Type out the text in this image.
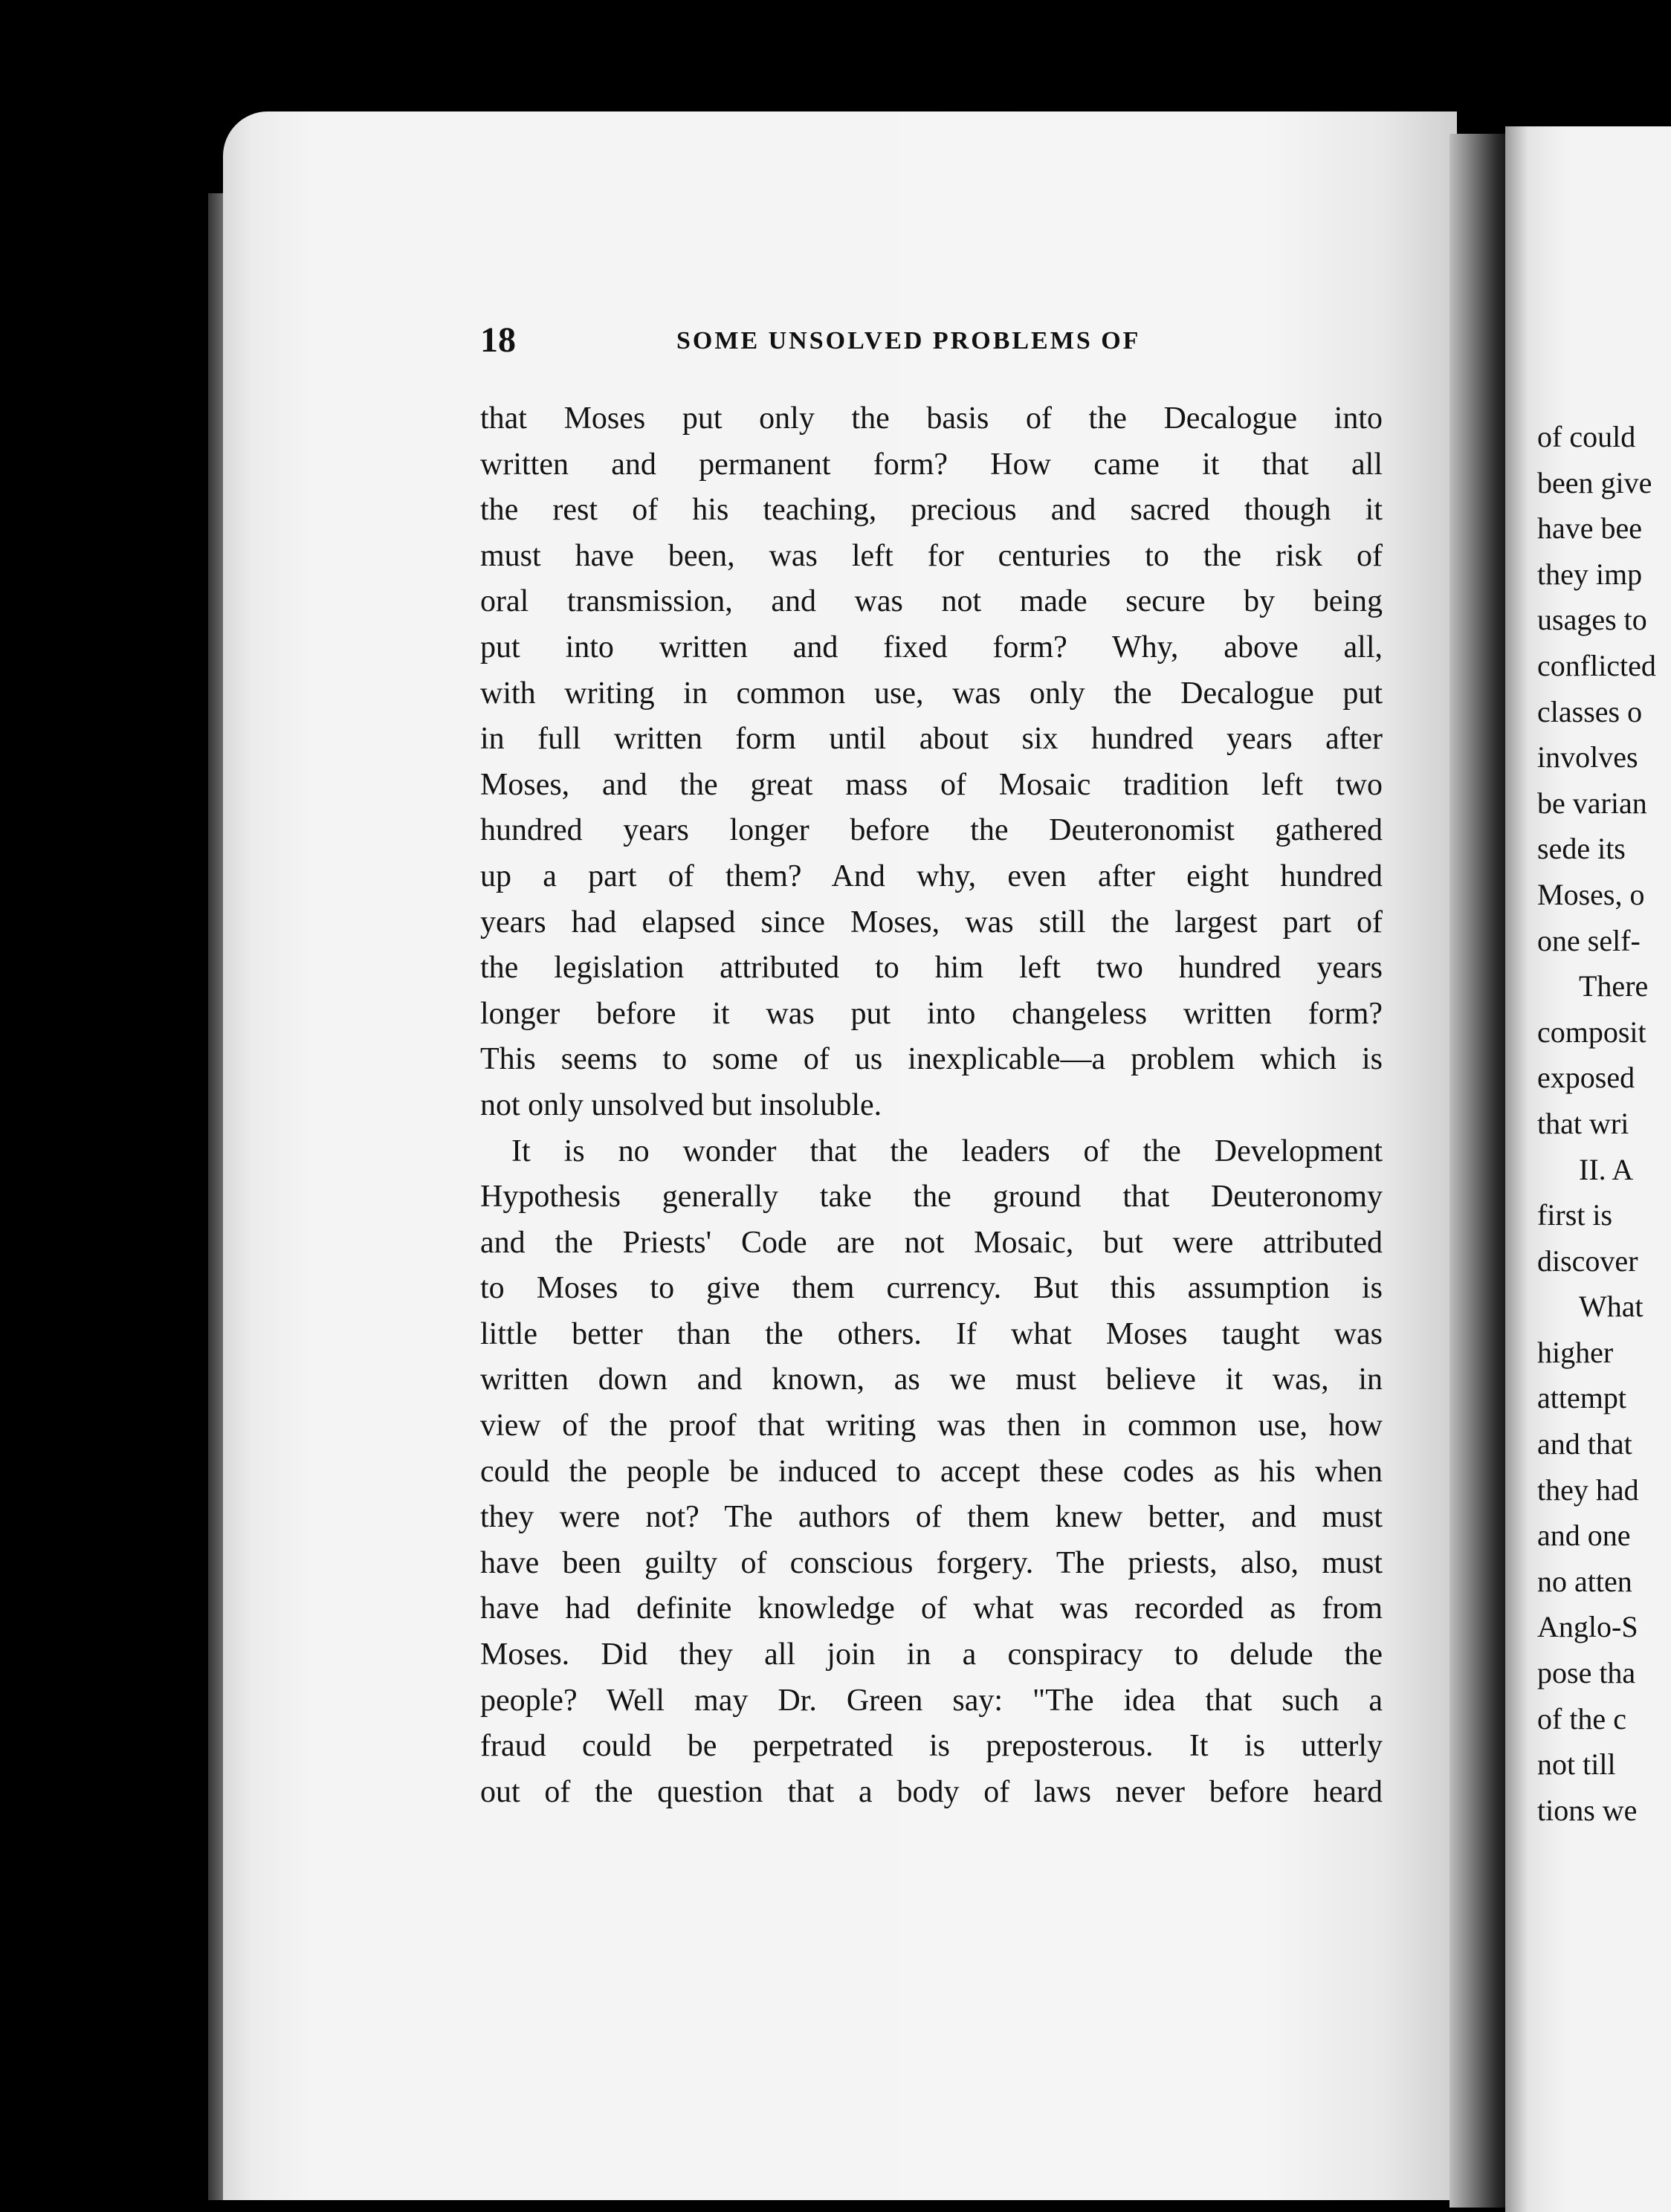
18	SOME UNSOLVED PROBLEMS OF
that Moses put only the basis of the Decalogue into
written and permanent form? How came it that all
the rest of his teaching, precious and sacred though it
must have been, was left for centuries to the risk of
oral transmission, and was not made secure by being
put into written and fixed form? Why, above all,
with writing in common use, was only the Decalogue put
in full written form until about six hundred years after
Moses, and the great mass of Mosaic tradition left two
hundred years longer before the Deuteronomist gathered
up a part of them? And why, even after eight hundred
years had elapsed since Moses, was still the largest part of
the legislation attributed to him left two hundred years
longer before it was put into changeless written form?
This seems to some of us inexplicable—a problem which is
not only unsolved but insoluble.
It is no wonder that the leaders of the Development
Hypothesis generally take the ground that Deuteronomy
and the Priests' Code are not Mosaic, but were attributed
to Moses to give them currency. But this assumption is
little better than the others. If what Moses taught was
written down and known, as we must believe it was, in
view of the proof that writing was then in common use, how
could the people be induced to accept these codes as his when
they were not? The authors of them knew better, and must
have been guilty of conscious forgery. The priests, also, must
have had definite knowledge of what was recorded as from
Moses. Did they all join in a conspiracy to delude the
people? Well may Dr. Green say: "The idea that such a
fraud could be perpetrated is preposterous. It is utterly
out of the question that a body of laws never before heard
of could
been give
have bee
they imp
usages to
conflicted
classes o
involves
be varian
sede its
Moses, o
one self-
There
composit
exposed
that wri
II. A
first is
discover
What
higher
attempt
and that
they had
and one
no atten
Anglo-S
pose tha
of the c
not till
tions we
